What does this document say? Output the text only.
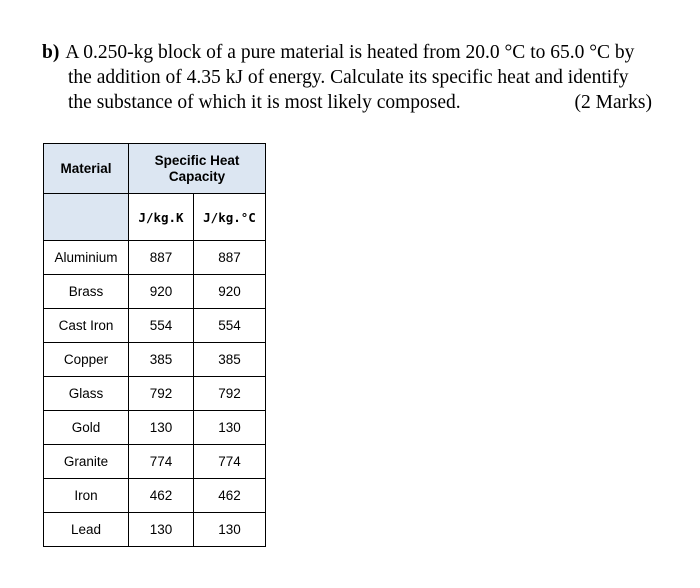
b) A 0.250-kg block of a pure material is heated from 20.0 °C to 65.0 °C by
the addition of 4.35 kJ of energy. Calculate its specific heat and identify
the substance of which it is most likely composed.	(2 Marks)
Material	Specific Heat
Capacity	

	J/kg.K	J/kg.°C
Aluminium	887	887
Brass	920	920
Cast Iron	554	554
Copper	385	385
Glass	792	792
Gold	130	130
Granite	774	774
Iron	462	462
Lead	130	130
